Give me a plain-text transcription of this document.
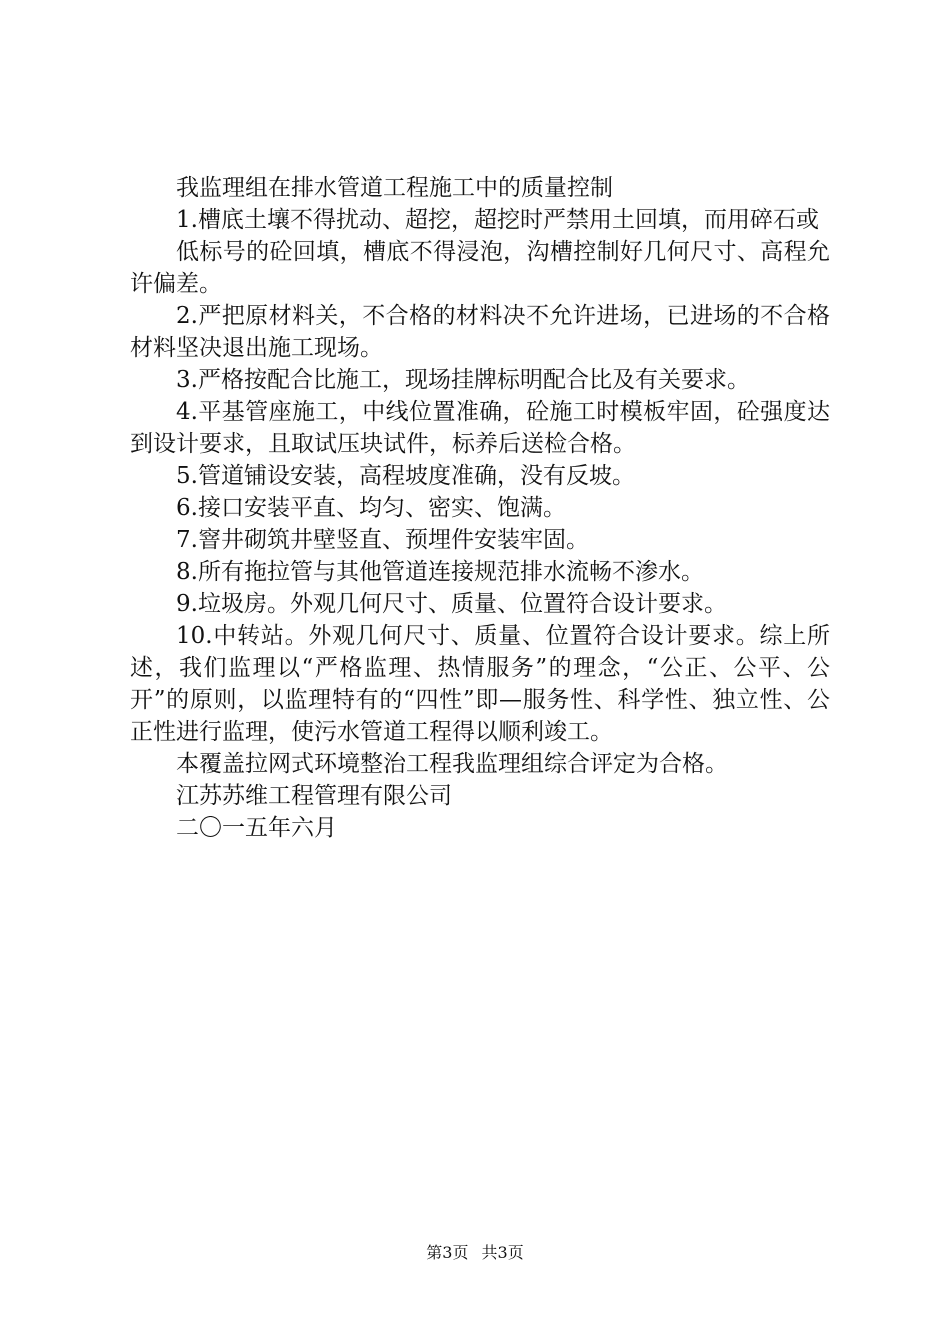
我监理组在排水管道工程施工中的质量控制

1.槽底土壤不得扰动、超挖，超挖时严禁用土回填，而用碎石或

低标号的砼回填，槽底不得浸泡，沟槽控制好几何尺寸、高程允许偏差。

2.严把原材料关，不合格的材料决不允许进场，已进场的不合格材料坚决退出施工现场。

3.严格按配合比施工，现场挂牌标明配合比及有关要求。

4.平基管座施工，中线位置准确，砼施工时模板牢固，砼强度达到设计要求，且取试压块试件，标养后送检合格。

5.管道铺设安装，高程坡度准确，没有反坡。

6.接口安装平直、均匀、密实、饱满。

7.窨井砌筑井壁竖直、预埋件安装牢固。

8.所有拖拉管与其他管道连接规范排水流畅不渗水。

9.垃圾房。外观几何尺寸、质量、位置符合设计要求。

10.中转站。外观几何尺寸、质量、位置符合设计要求。综上所述，我们监理以“严格监理、热情服务”的理念，“公正、公平、公开”的原则，以监理特有的“四性”即—服务性、科学性、独立性、公正性进行监理，使污水管道工程得以顺利竣工。

本覆盖拉网式环境整治工程我监理组综合评定为合格。

江苏苏维工程管理有限公司

二〇一五年六月

第3页 共3页
